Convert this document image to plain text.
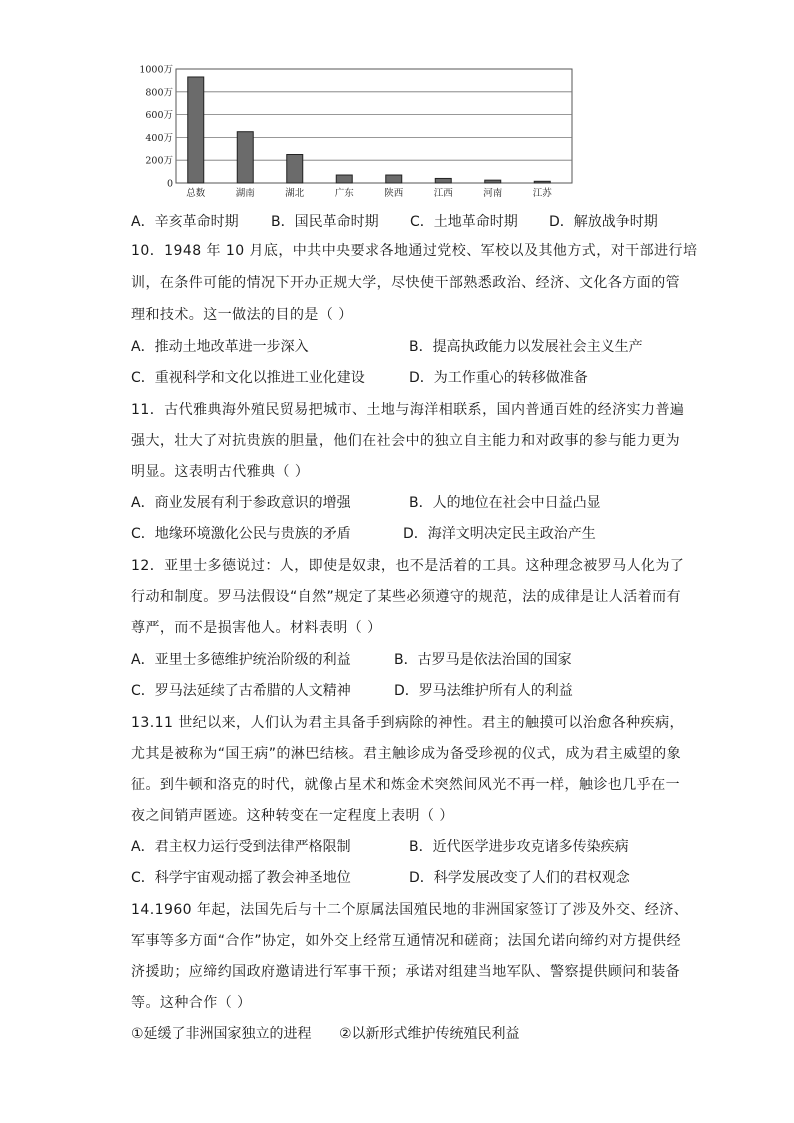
1000万
800万
600万
400万
200万
0
总数	湖南	湖北	广东	陕西	江西	河南	江苏
A．辛亥革命时期 B．国民革命时期 C．土地革命时期 D．解放战争时期
10．1948 年 10 月底，中共中央要求各地通过党校、军校以及其他方式，对干部进行培
训，在条件可能的情况下开办正规大学，尽快使干部熟悉政治、经济、文化各方面的管
理和技术。这一做法的目的是（ ）
A．推动土地改革进一步深入	B．提高执政能力以发展社会主义生产
C．重视科学和文化以推进工业化建设	D．为工作重心的转移做准备
11．古代雅典海外殖民贸易把城市、土地与海洋相联系，国内普通百姓的经济实力普遍
强大，壮大了对抗贵族的胆量，他们在社会中的独立自主能力和对政事的参与能力更为
明显。这表明古代雅典（ ）
A．商业发展有利于参政意识的增强	B．人的地位在社会中日益凸显
C．地缘环境激化公民与贵族的矛盾	D．海洋文明决定民主政治产生
12．亚里士多德说过：人，即使是奴隶，也不是活着的工具。这种理念被罗马人化为了
行动和制度。罗马法假设“自然”规定了某些必须遵守的规范，法的成律是让人活着而有
尊严，而不是损害他人。材料表明（ ）
A．亚里士多德维护统治阶级的利益	B．古罗马是依法治国的国家
C．罗马法延续了古希腊的人文精神	D．罗马法维护所有人的利益
13.11 世纪以来，人们认为君主具备手到病除的神性。君主的触摸可以治愈各种疾病，
尤其是被称为“国王病”的淋巴结核。君主触诊成为备受珍视的仪式，成为君主威望的象
征。到牛顿和洛克的时代，就像占星术和炼金术突然间风光不再一样，触诊也几乎在一
夜之间销声匿迹。这种转变在一定程度上表明（ ）
A．君主权力运行受到法律严格限制	B．近代医学进步攻克诸多传染疾病
C．科学宇宙观动摇了教会神圣地位	D．科学发展改变了人们的君权观念
14.1960 年起，法国先后与十二个原属法国殖民地的非洲国家签订了涉及外交、经济、
军事等多方面“合作”协定，如外交上经常互通情况和磋商；法国允诺向缔约对方提供经
济援助；应缔约国政府邀请进行军事干预；承诺对组建当地军队、警察提供顾问和装备
等。这种合作（ ）
①延缓了非洲国家独立的进程 ②以新形式维护传统殖民利益
